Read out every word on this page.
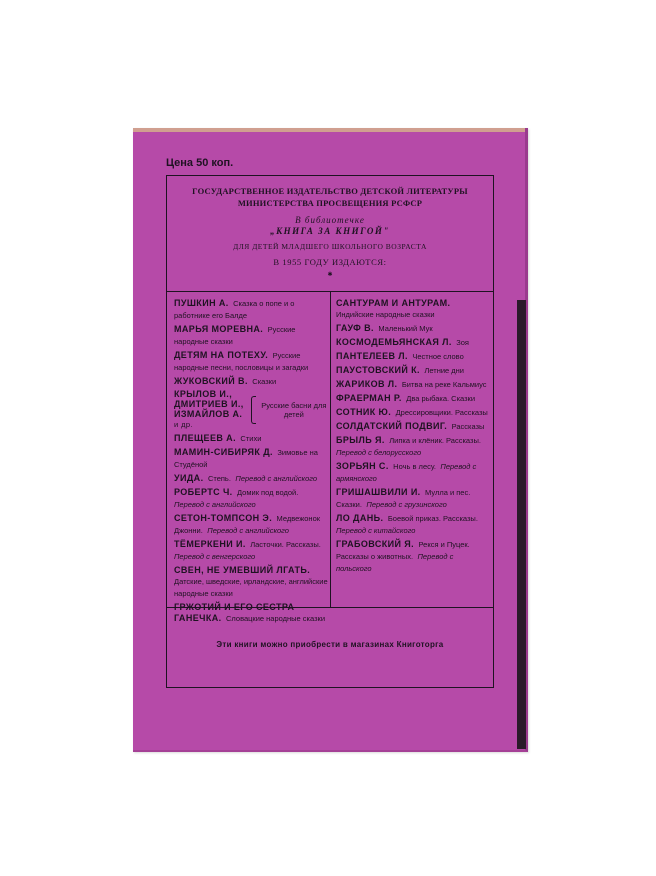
Цена 50 коп.
ГОСУДАРСТВЕННОЕ ИЗДАТЕЛЬСТВО ДЕТСКОЙ ЛИТЕРАТУРЫ
МИНИСТЕРСТВА ПРОСВЕЩЕНИЯ РСФСР
В библиотечке
„КНИГА ЗА КНИГОЙ"
ДЛЯ ДЕТЕЙ МЛАДШЕГО ШКОЛЬНОГО ВОЗРАСТА
В 1955 ГОДУ ИЗДАЮТСЯ:
✱
ПУШКИН А. Сказка о попе и о работнике его Балде
МАРЬЯ МОРЕВНА. Русские народные сказки
ДЕТЯМ НА ПОТЕХУ. Русские народные песни, пословицы и загадки
ЖУКОВСКИЙ В. Сказки
КРЫЛОВ И.,
ДМИТРИЕВ И.,
ИЗМАЙЛОВ А. и др.
Русские басни для детей
ПЛЕЩЕЕВ А. Стихи
МАМИН-СИБИРЯК Д. Зимовье на Студёной
УИДА. Степь. Перевод с английского
РОБЕРТС Ч. Домик под водой. Перевод с английского
СЕТОН-ТОМПСОН Э. Медвежонок Джонни. Перевод с английского
ТЁМЕРКЕНИ И. Ласточки. Рассказы. Перевод с венгерского
СВЕН, НЕ УМЕВШИЙ ЛГАТЬ. Датские, шведские, ирландские, английские народные сказки
ГРЖОТИЙ И ЕГО СЕСТРА ГАНЕЧКА. Словацкие народные сказки
САНТУРАМ И АНТУРАМ. Индийские народные сказки
ГАУФ В. Маленький Мук
КОСМОДЕМЬЯНСКАЯ Л. Зоя
ПАНТЕЛЕЕВ Л. Честное слово
ПАУСТОВСКИЙ К. Летние дни
ЖАРИКОВ Л. Битва на реке Кальмиус
ФРАЕРМАН Р. Два рыбака. Сказки
СОТНИК Ю. Дрессировщики. Рассказы
СОЛДАТСКИЙ ПОДВИГ. Рассказы
БРЫЛЬ Я. Липка и клёник. Рассказы. Перевод с белорусского
ЗОРЬЯН С. Ночь в лесу. Перевод с армянского
ГРИШАШВИЛИ И. Мулла и пес. Сказки. Перевод с грузинского
ЛО ДАНЬ. Боевой приказ. Рассказы. Перевод с китайского
ГРАБОВСКИЙ Я. Рекся и Пуцек. Рассказы о животных. Перевод с польского
Эти книги можно приобрести в магазинах Книготорга
